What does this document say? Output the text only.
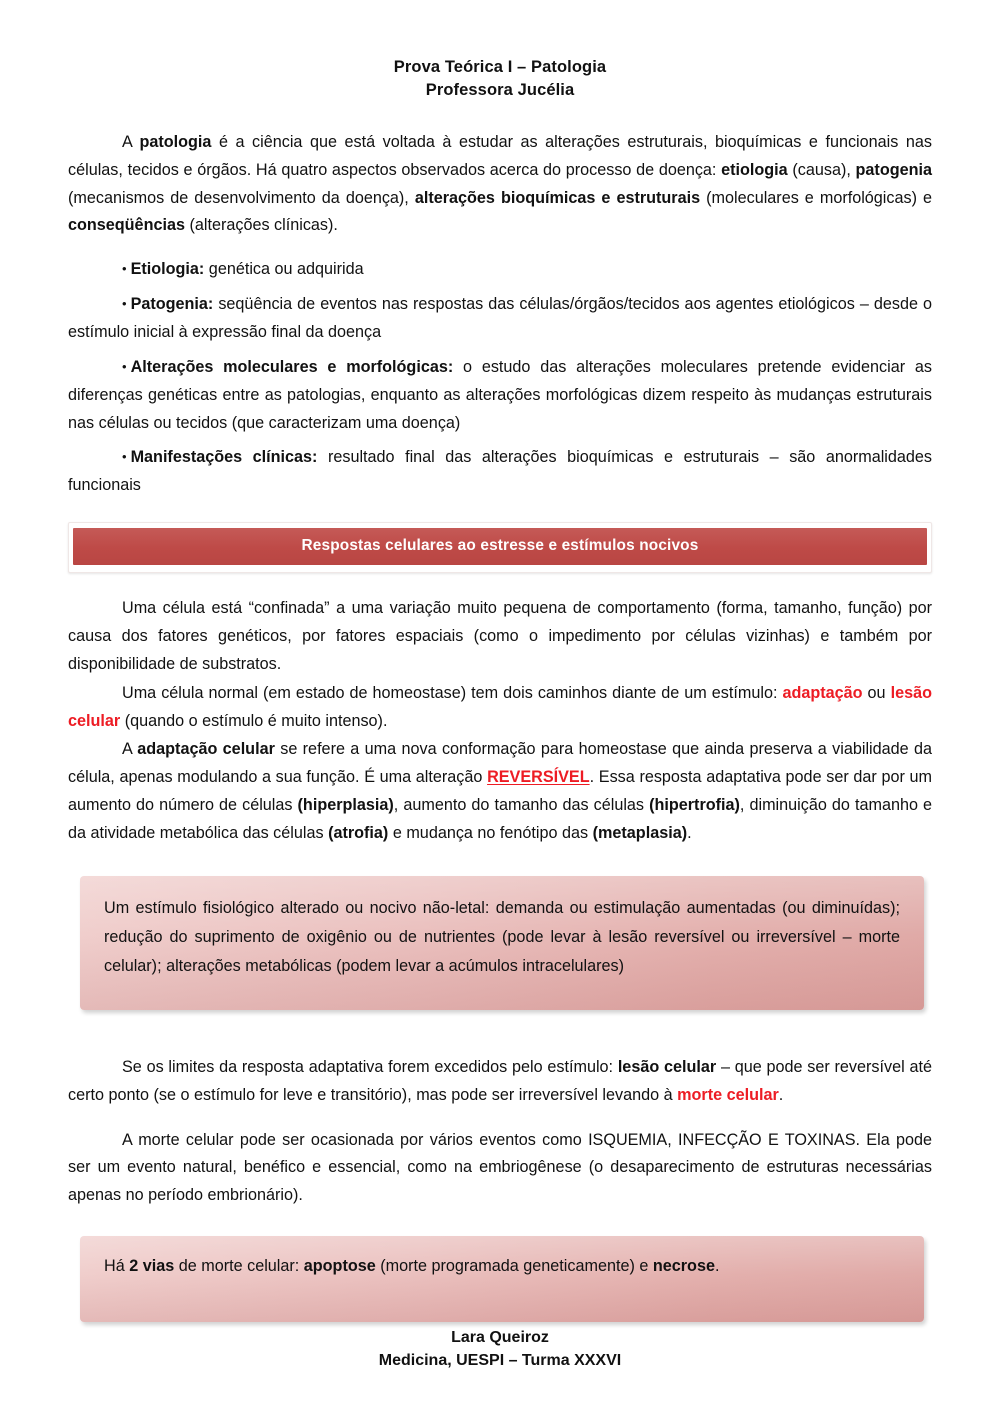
Prova Teórica I – Patologia
Professora Jucélia

A patologia é a ciência que está voltada à estudar as alterações estruturais, bioquímicas e funcionais nas células, tecidos e órgãos. Há quatro aspectos observados acerca do processo de doença: etiologia (causa), patogenia (mecanismos de desenvolvimento da doença), alterações bioquímicas e estruturais (moleculares e morfológicas) e conseqüências (alterações clínicas).

• Etiologia: genética ou adquirida
• Patogenia: seqüência de eventos nas respostas das células/órgãos/tecidos aos agentes etiológicos – desde o estímulo inicial à expressão final da doença
• Alterações moleculares e morfológicas: o estudo das alterações moleculares pretende evidenciar as diferenças genéticas entre as patologias, enquanto as alterações morfológicas dizem respeito às mudanças estruturais nas células ou tecidos (que caracterizam uma doença)
• Manifestações clínicas: resultado final das alterações bioquímicas e estruturais – são anormalidades funcionais
Respostas celulares ao estresse e estímulos nocivos

Uma célula está “confinada” a uma variação muito pequena de comportamento (forma, tamanho, função) por causa dos fatores genéticos, por fatores espaciais (como o impedimento por células vizinhas) e também por disponibilidade de substratos.

Uma célula normal (em estado de homeostase) tem dois caminhos diante de um estímulo: adaptação ou lesão celular (quando o estímulo é muito intenso).

A adaptação celular se refere a uma nova conformação para homeostase que ainda preserva a viabilidade da célula, apenas modulando a sua função. É uma alteração REVERSÍVEL. Essa resposta adaptativa pode ser dar por um aumento do número de células (hiperplasia), aumento do tamanho das células (hipertrofia), diminuição do tamanho e da atividade metabólica das células (atrofia) e mudança no fenótipo das (metaplasia).

Um estímulo fisiológico alterado ou nocivo não-letal: demanda ou estimulação aumentadas (ou diminuídas); redução do suprimento de oxigênio ou de nutrientes (pode levar à lesão reversível ou irreversível – morte celular); alterações metabólicas (podem levar a acúmulos intracelulares)

Se os limites da resposta adaptativa forem excedidos pelo estímulo: lesão celular – que pode ser reversível até certo ponto (se o estímulo for leve e transitório), mas pode ser irreversível levando à morte celular.

A morte celular pode ser ocasionada por vários eventos como ISQUEMIA, INFECÇÃO E TOXINAS. Ela pode ser um evento natural, benéfico e essencial, como na embriogênese (o desaparecimento de estruturas necessárias apenas no período embrionário).

Há 2 vias de morte celular: apoptose (morte programada geneticamente) e necrose.
Lara Queiroz
Medicina, UESPI – Turma XXXVI
